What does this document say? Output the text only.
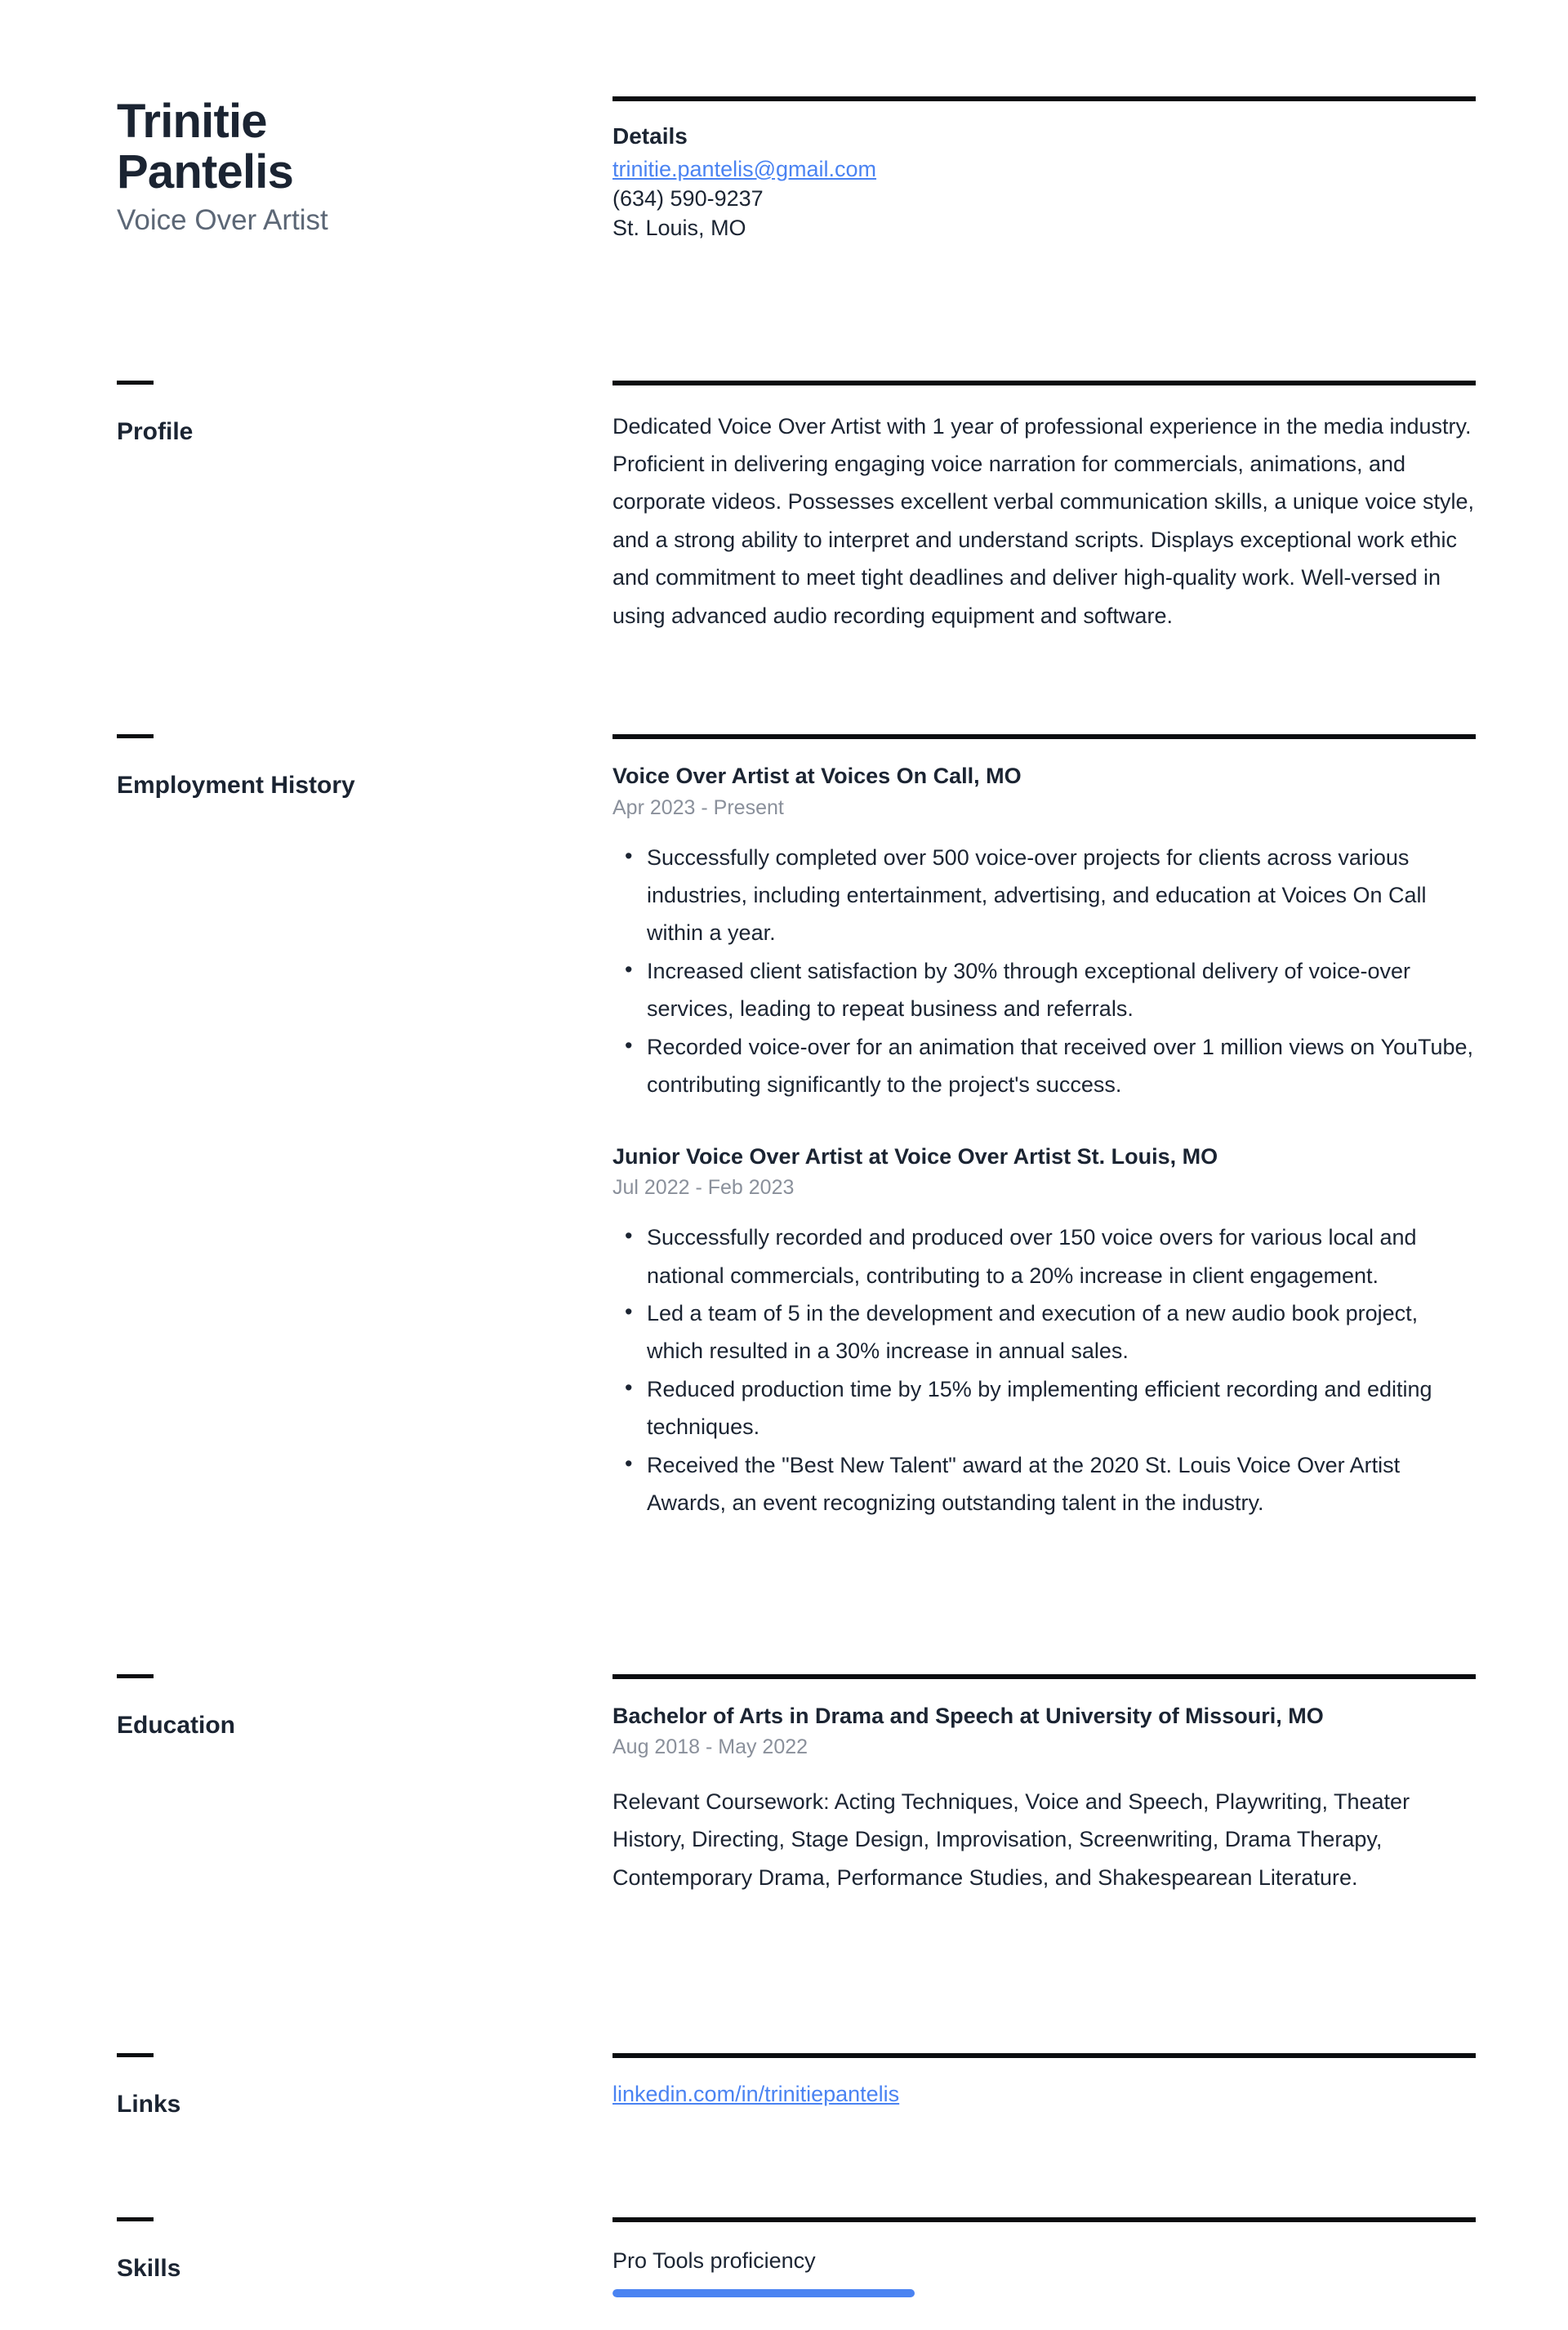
Trinitie
Pantelis

Voice Over Artist

Details
trinitie.pantelis@gmail.com
(634) 590-9237
St. Louis, MO
Profile	Dedicated Voice Over Artist with 1 year of professional experience in the media industry. Proficient in delivering engaging voice narration for commercials, animations, and corporate videos. Possesses excellent verbal communication skills, a unique voice style, and a strong ability to interpret and understand scripts. Displays exceptional work ethic and commitment to meet tight deadlines and deliver high-quality work. Well-versed in using advanced audio recording equipment and software.

Employment History	Voice Over Artist at Voices On Call, MO
Apr 2023 - Present
• Successfully completed over 500 voice-over projects for clients across various industries, including entertainment, advertising, and education at Voices On Call within a year.
• Increased client satisfaction by 30% through exceptional delivery of voice-over services, leading to repeat business and referrals.
• Recorded voice-over for an animation that received over 1 million views on YouTube, contributing significantly to the project's success.
Junior Voice Over Artist at Voice Over Artist St. Louis, MO
Jul 2022 - Feb 2023
• Successfully recorded and produced over 150 voice overs for various local and national commercials, contributing to a 20% increase in client engagement.
• Led a team of 5 in the development and execution of a new audio book project, which resulted in a 30% increase in annual sales.
• Reduced production time by 15% by implementing efficient recording and editing techniques.
• Received the "Best New Talent" award at the 2020 St. Louis Voice Over Artist Awards, an event recognizing outstanding talent in the industry.
Education	Bachelor of Arts in Drama and Speech at University of Missouri, MO
Aug 2018 - May 2022

Relevant Coursework: Acting Techniques, Voice and Speech, Playwriting, Theater History, Directing, Stage Design, Improvisation, Screenwriting, Drama Therapy, Contemporary Drama, Performance Studies, and Shakespearean Literature.

Links	linkedin.com/in/trinitiepantelis
Skills	Pro Tools proficiency
